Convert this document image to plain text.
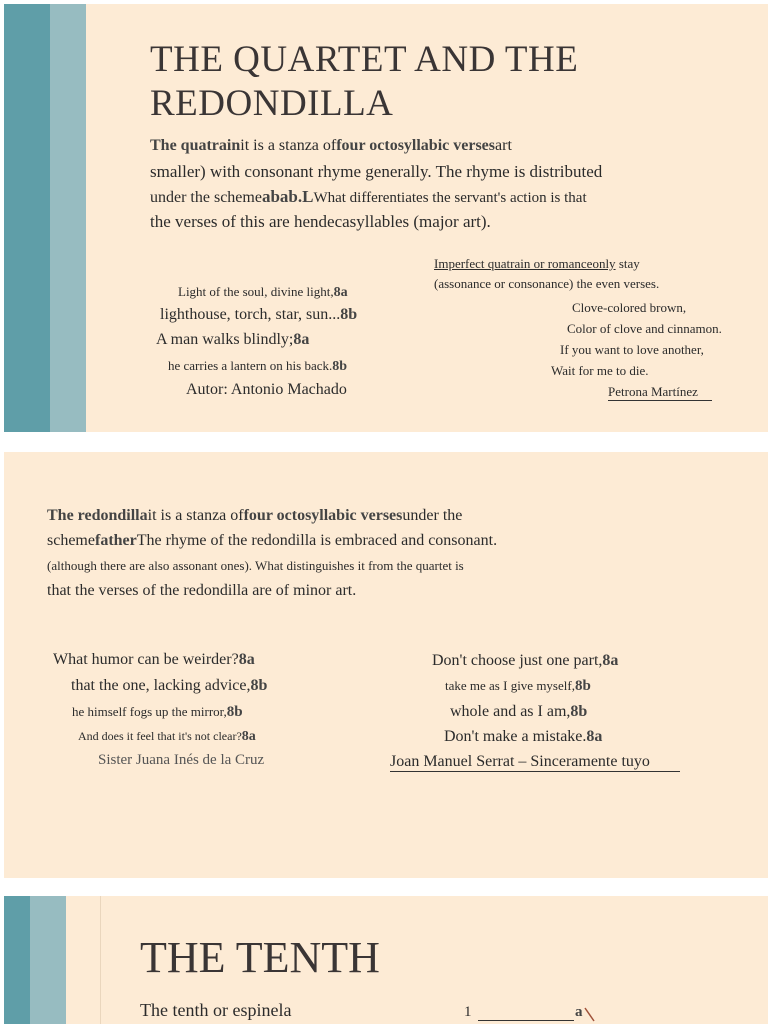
THE QUARTET AND THE
REDONDILLA
The quatrainit is a stanza offour octosyllabic versesart
smaller) with consonant rhyme generally. The rhyme is distributed
under the schemeabab.LWhat differentiates the servant's action is that
the verses of this are hendecasyllables (major art).
Light of the soul, divine light,8a
lighthouse, torch, star, sun...8b
A man walks blindly;8a
he carries a lantern on his back.8b
Autor: Antonio Machado
Imperfect quatrain or romanceonly stay
(assonance or consonance) the even verses.
Clove-colored brown,
Color of clove and cinnamon.
If you want to love another,
Wait for me to die.
Petrona Martínez
The redondillait is a stanza offour octosyllabic versesunder the
schemefatherThe rhyme of the redondilla is embraced and consonant.
(although there are also assonant ones). What distinguishes it from the quartet is
that the verses of the redondilla are of minor art.
What humor can be weirder?8a
that the one, lacking advice,8b
he himself fogs up the mirror,8b
And does it feel that it's not clear?8a
Sister Juana Inés de la Cruz
Don't choose just one part,8a
take me as I give myself,8b
whole and as I am,8b
Don't make a mistake.8a
Joan Manuel Serrat – Sinceramente tuyo
THE TENTH
The tenth or espinela	1	a
